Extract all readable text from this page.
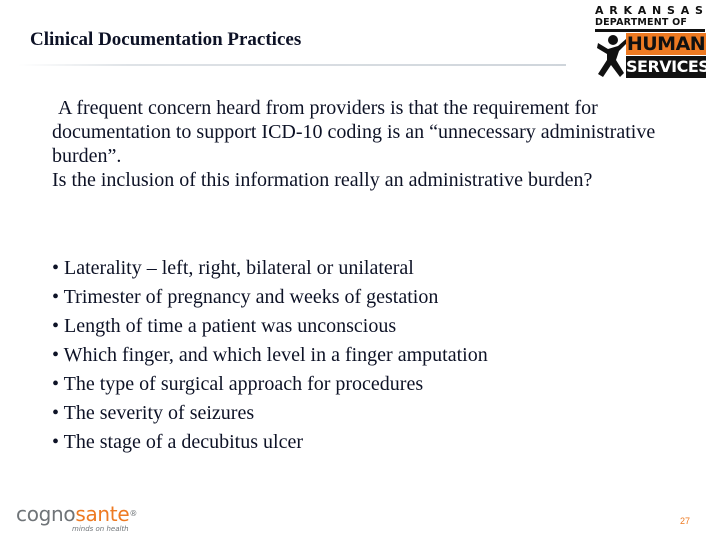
Clinical Documentation Practices
A R K A N S A S
DEPARTMENT OF
HUMAN
SERVICES

A frequent concern heard from providers is that the requirement for documentation to support ICD-10 coding is an “unnecessary administrative burden”.

Is the inclusion of this information really an administrative burden?

• Laterality – left, right, bilateral or unilateral
• Trimester of pregnancy and weeks of gestation
• Length of time a patient was unconscious
• Which finger, and which level in a finger amputation
• The type of surgical approach for procedures
• The severity of seizures
• The stage of a decubitus ulcer
cognosante®
minds on health
27
